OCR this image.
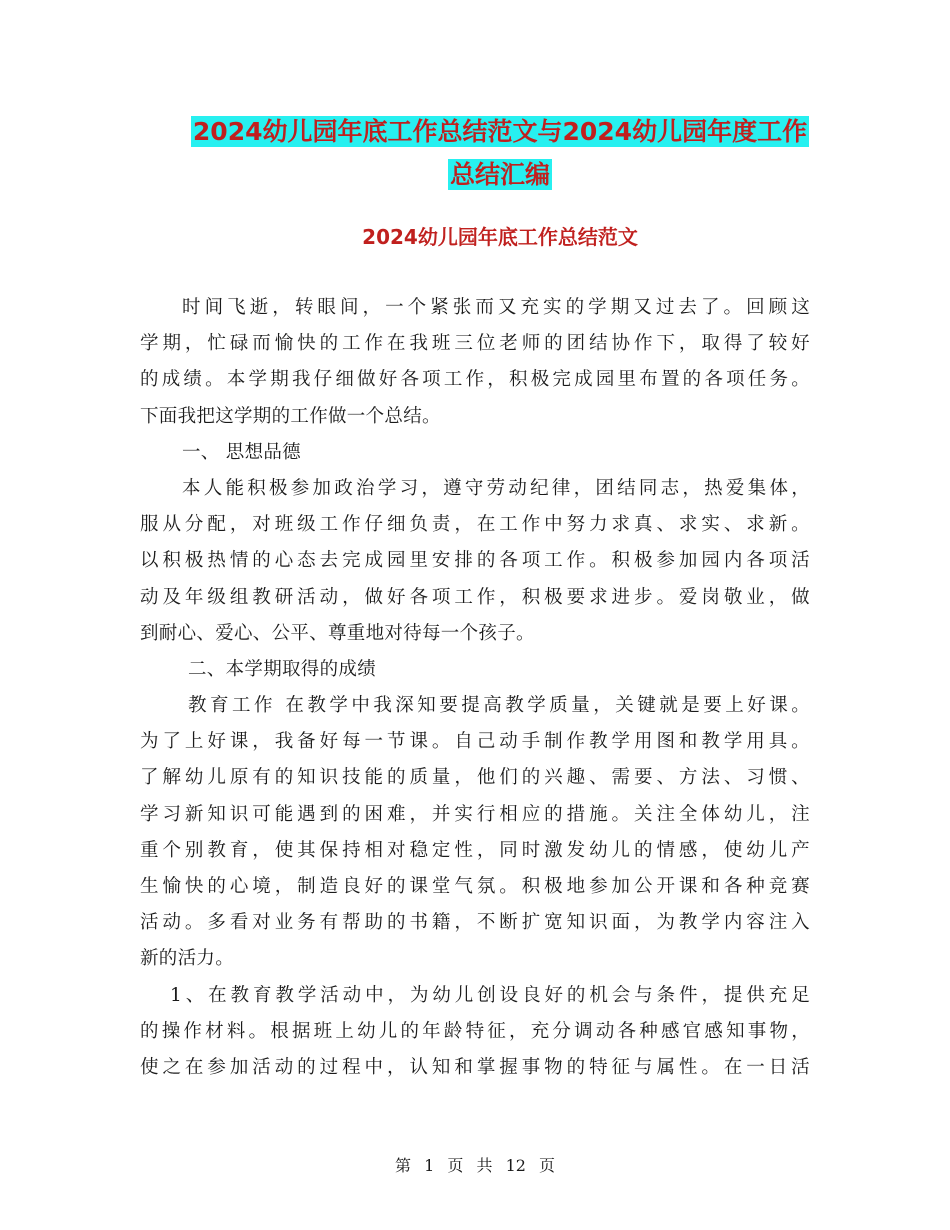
2024幼儿园年底工作总结范文与2024幼儿园年度工作
总结汇编
2024幼儿园年底工作总结范文
时间飞逝，转眼间，一个紧张而又充实的学期又过去了。回顾这
学期，忙碌而愉快的工作在我班三位老师的团结协作下，取得了较好
的成绩。本学期我仔细做好各项工作，积极完成园里布置的各项任务。
下面我把这学期的工作做一个总结。
一、 思想品德
本人能积极参加政治学习，遵守劳动纪律，团结同志，热爱集体，
服从分配，对班级工作仔细负责，在工作中努力求真、求实、求新。
以积极热情的心态去完成园里安排的各项工作。积极参加园内各项活
动及年级组教研活动，做好各项工作，积极要求进步。爱岗敬业，做
到耐心、爱心、公平、尊重地对待每一个孩子。
二、本学期取得的成绩
教育工作 在教学中我深知要提高教学质量，关键就是要上好课。
为了上好课，我备好每一节课。自己动手制作教学用图和教学用具。
了解幼儿原有的知识技能的质量，他们的兴趣、需要、方法、习惯、
学习新知识可能遇到的困难，并实行相应的措施。关注全体幼儿，注
重个别教育，使其保持相对稳定性，同时激发幼儿的情感，使幼儿产
生愉快的心境，制造良好的课堂气氛。积极地参加公开课和各种竞赛
活动。多看对业务有帮助的书籍，不断扩宽知识面，为教学内容注入
新的活力。
1、在教育教学活动中，为幼儿创设良好的机会与条件，提供充足
的操作材料。根据班上幼儿的年龄特征，充分调动各种感官感知事物，
使之在参加活动的过程中，认知和掌握事物的特征与属性。在一日活
第 1 页 共 12 页
